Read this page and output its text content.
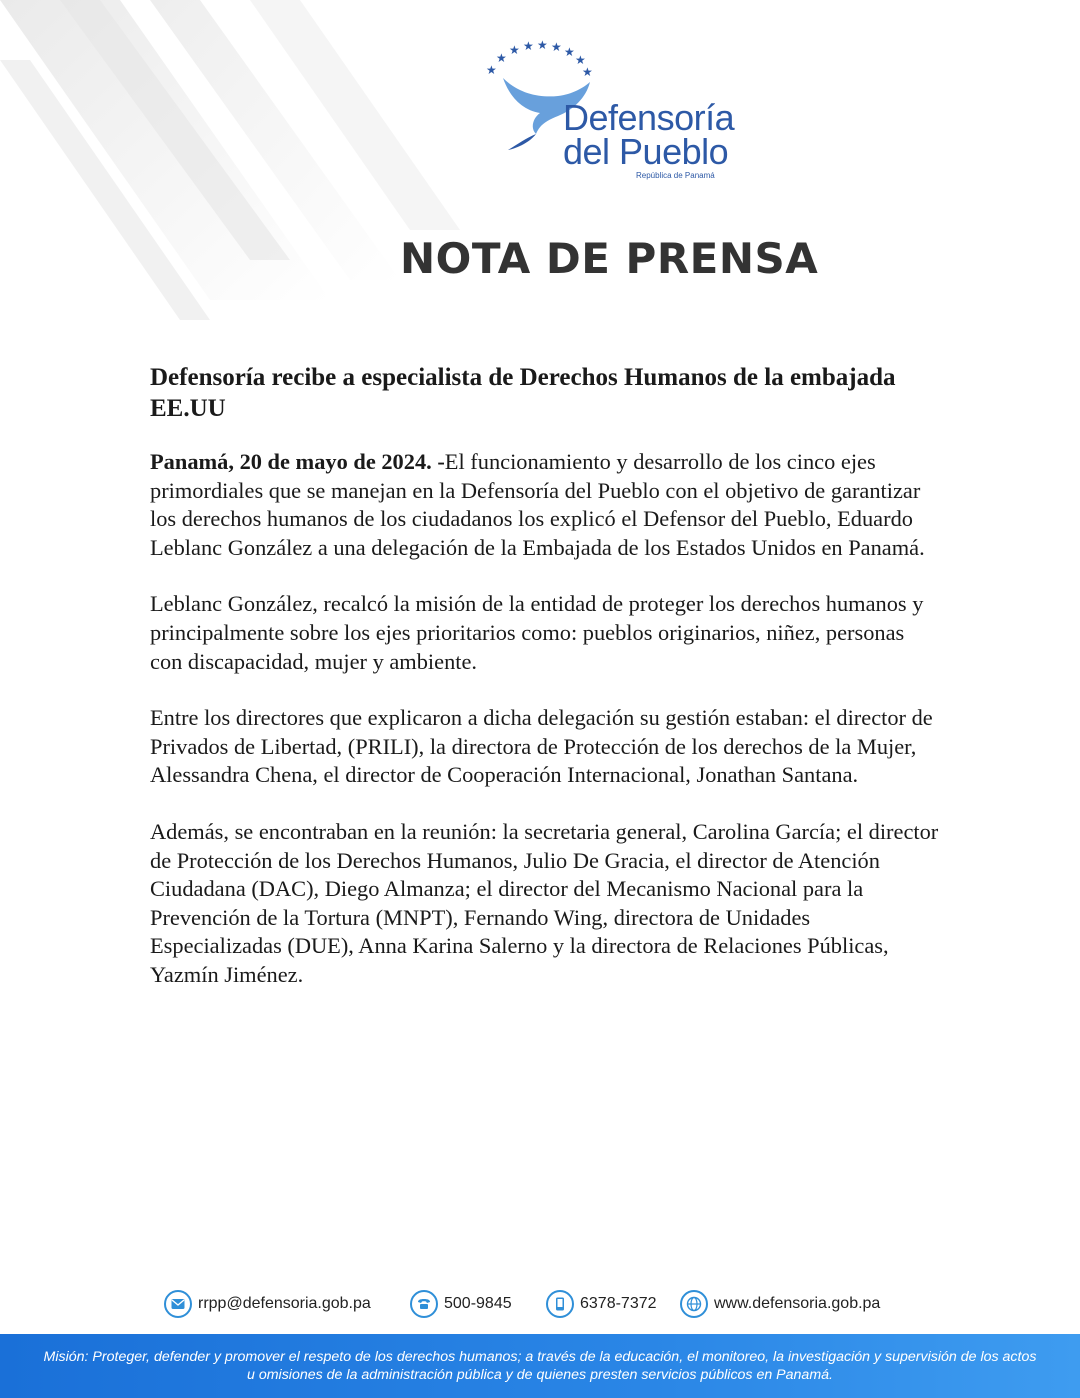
★
★
★ ★ ★ ★ ★
★
★
Defensoría
del Pueblo
República de Panamá
NOTA DE PRENSA
Defensoría recibe a especialista de Derechos Humanos de la embajada EE.UU

Panamá, 20 de mayo de 2024. -El funcionamiento y desarrollo de los cinco ejes primordiales que se manejan en la Defensoría del Pueblo con el objetivo de garantizar los derechos humanos de los ciudadanos los explicó el Defensor del Pueblo, Eduardo Leblanc González a una delegación de la Embajada de los Estados Unidos en Panamá.

Leblanc González, recalcó la misión de la entidad de proteger los derechos humanos y principalmente sobre los ejes prioritarios como: pueblos originarios, niñez, personas con discapacidad, mujer y ambiente.

Entre los directores que explicaron a dicha delegación su gestión estaban: el director de Privados de Libertad, (PRILI), la directora de Protección de los derechos de la Mujer, Alessandra Chena, el director de Cooperación Internacional, Jonathan Santana.

Además, se encontraban en la reunión: la secretaria general, Carolina García; el director de Protección de los Derechos Humanos, Julio De Gracia, el director de Atención Ciudadana (DAC), Diego Almanza; el director del Mecanismo Nacional para la Prevención de la Tortura (MNPT), Fernando Wing, directora de Unidades Especializadas (DUE), Anna Karina Salerno y la directora de Relaciones Públicas, Yazmín Jiménez.

rrpp@defensoria.gob.pa	500-9845	6378-7372	www.defensoria.gob.pa
Misión: Proteger, defender y promover el respeto de los derechos humanos; a través de la educación, el monitoreo, la investigación y supervisión de los actos u omisiones de la administración pública y de quienes presten servicios públicos en Panamá.
